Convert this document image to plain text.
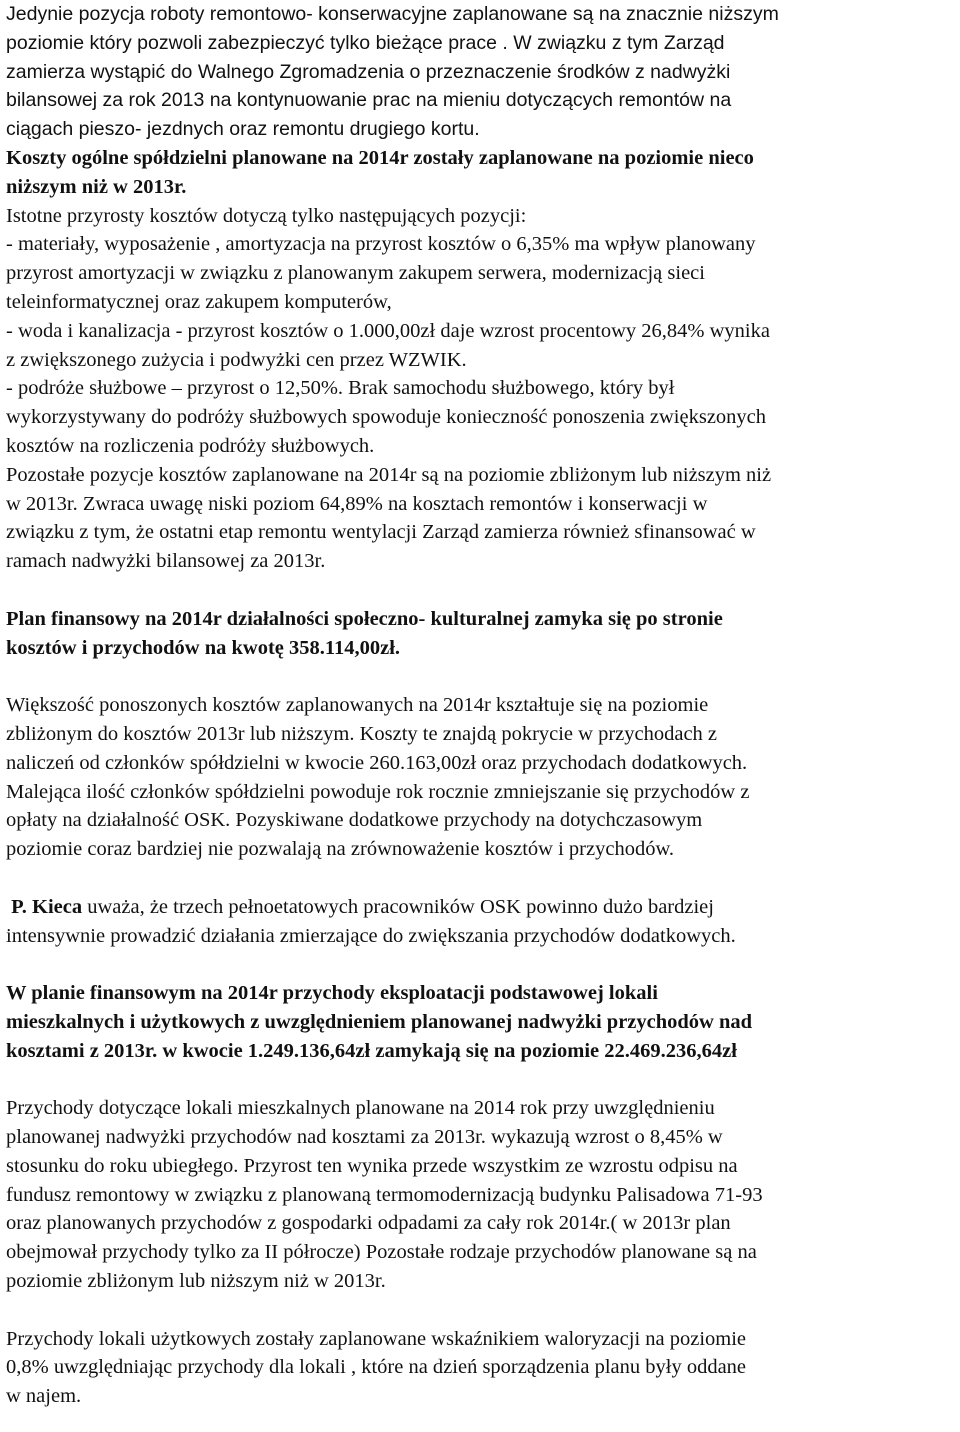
Jedynie pozycja roboty remontowo- konserwacyjne zaplanowane są na znacznie niższym
poziomie który pozwoli zabezpieczyć tylko bieżące prace . W związku z tym Zarząd
zamierza wystąpić do Walnego Zgromadzenia o przeznaczenie środków z nadwyżki
bilansowej za rok 2013 na kontynuowanie prac na mieniu dotyczących remontów na
ciągach pieszo- jezdnych oraz remontu drugiego kortu.
Koszty ogólne spółdzielni planowane na 2014r zostały zaplanowane na poziomie nieco
niższym niż w 2013r.
Istotne przyrosty kosztów dotyczą tylko następujących pozycji:
- materiały, wyposażenie , amortyzacja na przyrost kosztów o 6,35% ma wpływ planowany
przyrost amortyzacji w związku z planowanym zakupem serwera, modernizacją sieci
teleinformatycznej oraz zakupem komputerów,
- woda i kanalizacja - przyrost kosztów o 1.000,00zł daje wzrost procentowy 26,84% wynika
z zwiększonego zużycia i podwyżki cen przez WZWIK.
- podróże służbowe – przyrost o 12,50%. Brak samochodu służbowego, który był
wykorzystywany do podróży służbowych spowoduje konieczność ponoszenia zwiększonych
kosztów na rozliczenia podróży służbowych.
Pozostałe pozycje kosztów zaplanowane na 2014r są na poziomie zbliżonym lub niższym niż
w 2013r. Zwraca uwagę niski poziom 64,89% na kosztach remontów i konserwacji w
związku z tym, że ostatni etap remontu wentylacji Zarząd zamierza również sfinansować w
ramach nadwyżki bilansowej za 2013r.
Plan finansowy na 2014r działalności społeczno- kulturalnej zamyka się po stronie
kosztów i przychodów na kwotę 358.114,00zł.
Większość ponoszonych kosztów zaplanowanych na 2014r kształtuje się na poziomie
zbliżonym do kosztów 2013r lub niższym. Koszty te znajdą pokrycie w przychodach z
naliczeń od członków spółdzielni w kwocie 260.163,00zł oraz przychodach dodatkowych.
Malejąca ilość członków spółdzielni powoduje rok rocznie zmniejszanie się przychodów z
opłaty na działalność OSK. Pozyskiwane dodatkowe przychody na dotychczasowym
poziomie coraz bardziej nie pozwalają na zrównoważenie kosztów i przychodów.
P. Kieca uważa, że trzech pełnoetatowych pracowników OSK powinno dużo bardziej
intensywnie prowadzić działania zmierzające do zwiększania przychodów dodatkowych.
W planie finansowym na 2014r przychody eksploatacji podstawowej lokali
mieszkalnych i użytkowych z uwzględnieniem planowanej nadwyżki przychodów nad
kosztami z 2013r. w kwocie 1.249.136,64zł zamykają się na poziomie 22.469.236,64zł
Przychody dotyczące lokali mieszkalnych planowane na 2014 rok przy uwzględnieniu
planowanej nadwyżki przychodów nad kosztami za 2013r. wykazują wzrost o 8,45% w
stosunku do roku ubiegłego. Przyrost ten wynika przede wszystkim ze wzrostu odpisu na
fundusz remontowy w związku z planowaną termomodernizacją budynku Palisadowa 71-93
oraz planowanych przychodów z gospodarki odpadami za cały rok 2014r.( w 2013r plan
obejmował przychody tylko za II półrocze) Pozostałe rodzaje przychodów planowane są na
poziomie zbliżonym lub niższym niż w 2013r.
Przychody lokali użytkowych zostały zaplanowane wskaźnikiem waloryzacji na poziomie
0,8% uwzględniając przychody dla lokali , które na dzień sporządzenia planu były oddane
w najem.
